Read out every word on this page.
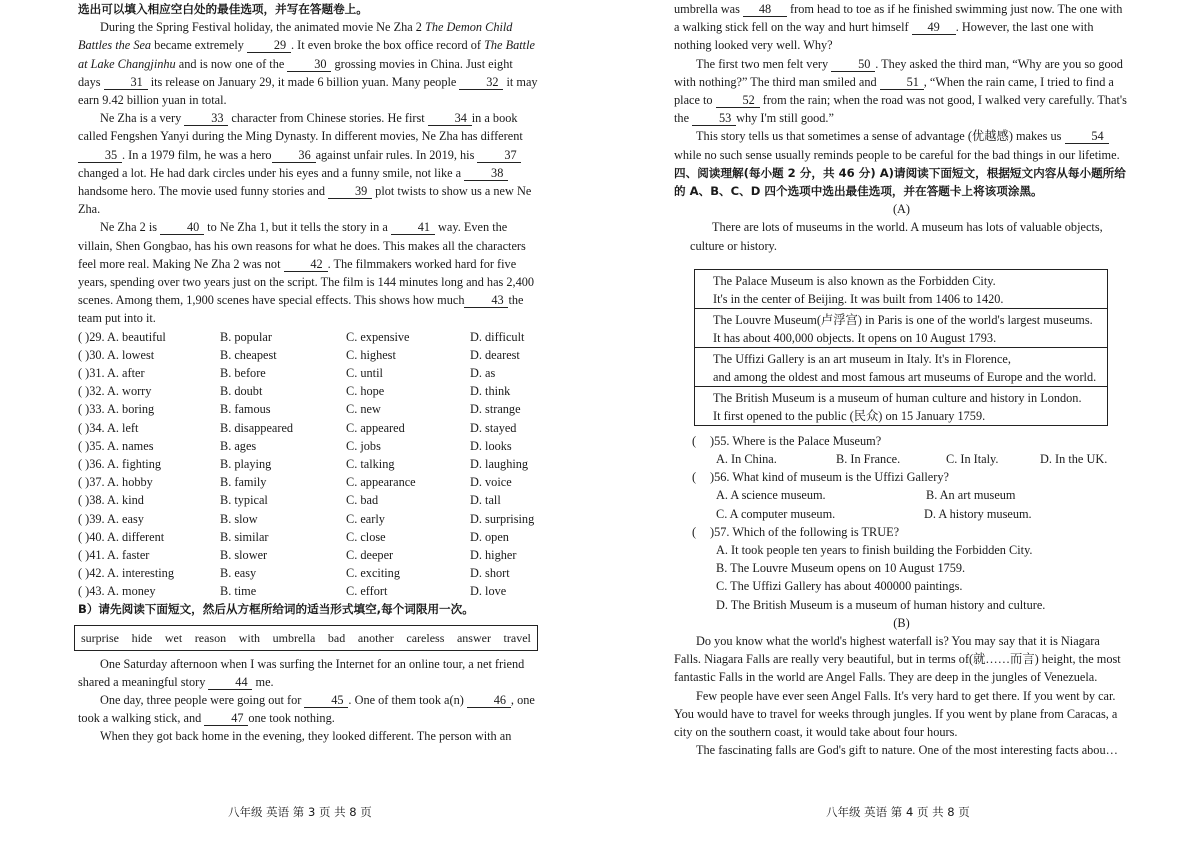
选出可以填入相应空白处的最佳选项，并写在答题卷上。

During the Spring Festival holiday, the animated movie Ne Zha 2 The Demon Child Battles the Sea became extremely 29 . It even broke the box office record of The Battle at Lake Changjinhu and is now one of the 30 grossing movies in China. Just eight days 31 its release on January 29, it made 6 billion yuan. Many people 32 it may earn 9.42 billion yuan in total.

Ne Zha is a very 33 character from Chinese stories. He first 34 in a book called Fengshen Yanyi during the Ming Dynasty. In different movies, Ne Zha has different 35 . In a 1979 film, he was a hero 36 against unfair rules. In 2019, his 37 changed a lot. He had dark circles under his eyes and a funny smile, not like a 38 handsome hero. The movie used funny stories and 39 plot twists to show us a new Ne Zha.

Ne Zha 2 is 40 to Ne Zha 1, but it tells the story in a 41 way. Even the villain, Shen Gongbao, has his own reasons for what he does. This makes all the characters feel more real. Making Ne Zha 2 was not 42 . The filmmakers worked hard for five years, spending over two years just on the script. The film is 144 minutes long and has 2,400 scenes. Among them, 1,900 scenes have special effects. This shows how much 43 the team put into it.

( )29. A. beautiful	B. popular	C. expensive	D. difficult
( )30. A. lowest	B. cheapest	C. highest	D. dearest
( )31. A. after	B. before	C. until	D. as
( )32. A. worry	B. doubt	C. hope	D. think
( )33. A. boring	B. famous	C. new	D. strange
( )34. A. left	B. disappeared	C. appeared	D. stayed
( )35. A. names	B. ages	C. jobs	D. looks
( )36. A. fighting	B. playing	C. talking	D. laughing
( )37. A. hobby	B. family	C. appearance	D. voice
( )38. A. kind	B. typical	C. bad	D. tall
( )39. A. easy	B. slow	C. early	D. surprising
( )40. A. different	B. similar	C. close	D. open
( )41. A. faster	B. slower	C. deeper	D. higher
( )42. A. interesting	B. easy	C. exciting	D. short
( )43. A. money	B. time	C. effort	D. love

B）请先阅读下面短文，然后从方框所给词的适当形式填空,每个词限用一次。

surprise hide wet reason with umbrella bad another careless answer travel

One Saturday afternoon when I was surfing the Internet for an online tour, a net friend shared a meaningful story 44 me.

One day, three people were going out for 45 . One of them took a(n) 46 , one took a walking stick, and 47 one took nothing.

When they got back home in the evening, they looked different. The person with an

八年级 英语 第 3 页 共 8 页

umbrella was 48 from head to toe as if he finished swimming just now. The one with a walking stick fell on the way and hurt himself 49 . However, the last one with nothing looked very well. Why?

The first two men felt very 50 . They asked the third man, “Why are you so good with nothing?” The third man smiled and 51 , “When the rain came, I tried to find a place to 52 from the rain; when the road was not good, I walked very carefully. That's the 53 why I'm still good.”

This story tells us that sometimes a sense of advantage (优越感) makes us 54 while no such sense usually reminds people to be careful for the bad things in our lifetime.

四、阅读理解(每小题 2 分，共 46 分) A)请阅读下面短文，根据短文内容从每小题所给的 A、B、C、D 四个选项中选出最佳选项，并在答题卡上将该项涂黑。

(A)

There are lots of museums in the world. A museum has lots of valuable objects, culture or history.

The Palace Museum is also known as the Forbidden City.
It's in the center of Beijing. It was built from 1406 to 1420.
The Louvre Museum(卢浮宫) in Paris is one of the world's largest museums.
It has about 400,000 objects. It opens on 10 August 1793.
The Uffizi Gallery is an art museum in Italy. It's in Florence,
and among the oldest and most famous art museums of Europe and the world.
The British Museum is a museum of human culture and history in London.
It first opened to the public (民众) on 15 January 1759.
(	)55. Where is the Palace Museum?
A. In China.	B. In France.	C. In Italy.	D. In the UK.
(	)56. What kind of museum is the Uffizi Gallery?
A. A science museum.	B. An art museum
C. A computer museum.	D. A history museum.
(	)57. Which of the following is TRUE?
A. It took people ten years to finish building the Forbidden City.
B. The Louvre Museum opens on 10 August 1759.
C. The Uffizi Gallery has about 400000 paintings.
D. The British Museum is a museum of human history and culture.

(B)

Do you know what the world's highest waterfall is? You may say that it is Niagara Falls. Niagara Falls are really very beautiful, but in terms of(就……而言) height, the most fantastic Falls in the world are Angel Falls. They are deep in the jungles of Venezuela.

Few people have ever seen Angel Falls. It's very hard to get there. If you went by car. You would have to travel for weeks through jungles. If you went by plane from Caracas, a city on the southern coast, it would take about four hours.

The fascinating falls are God's gift to nature. One of the most interesting facts abou…

八年级 英语 第 4 页 共 8 页
